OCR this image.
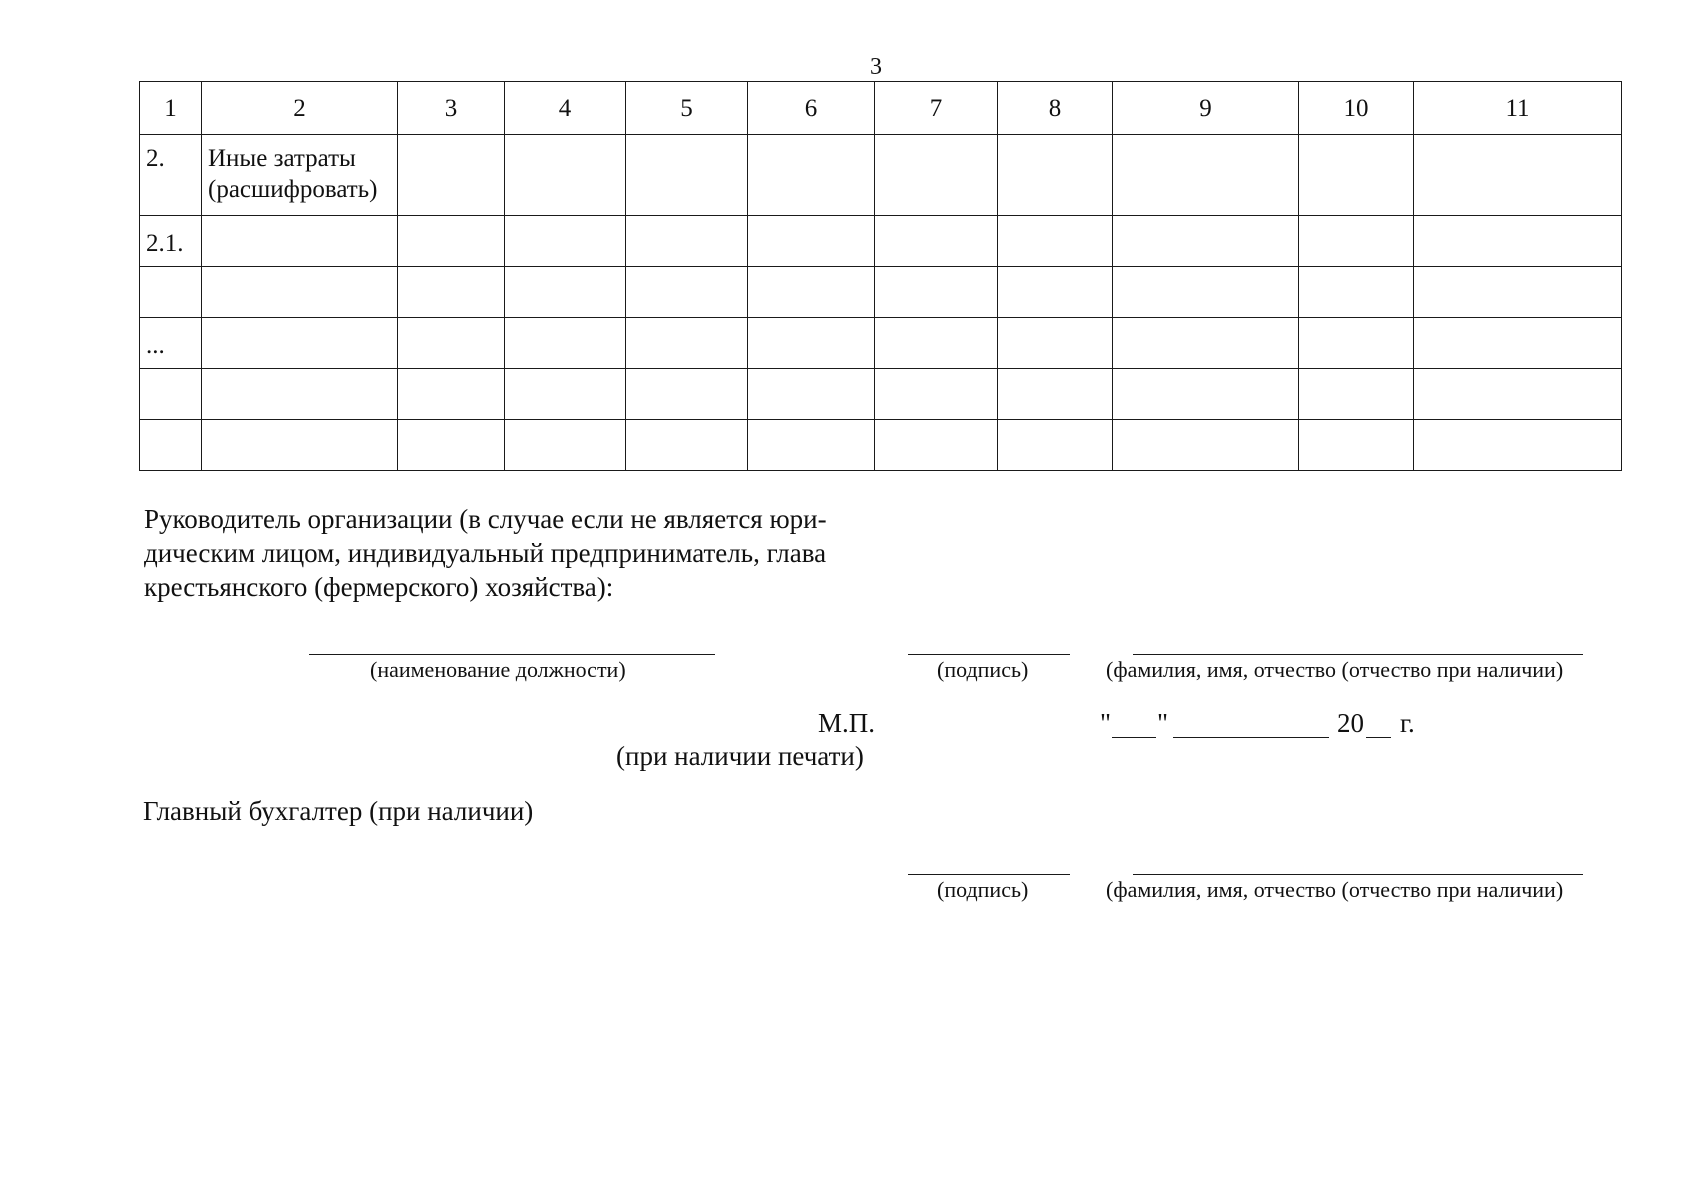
3
1	2	3	4	5	6	7	8	9	10	11

2.	Иные затраты
(расшифровать)									

2.1.										

...										

Руководитель организации (в случае если не является юри-
дическим лицом, индивидуальный предприниматель, глава
крестьянского (фермерского) хозяйства):
(наименование должности)	(подпись)	(фамилия, имя, отчество (отчество при наличии)
М.П.
(при наличии печати)
" "	20 г.
Главный бухгалтер (при наличии)
(подпись)	(фамилия, имя, отчество (отчество при наличии)
